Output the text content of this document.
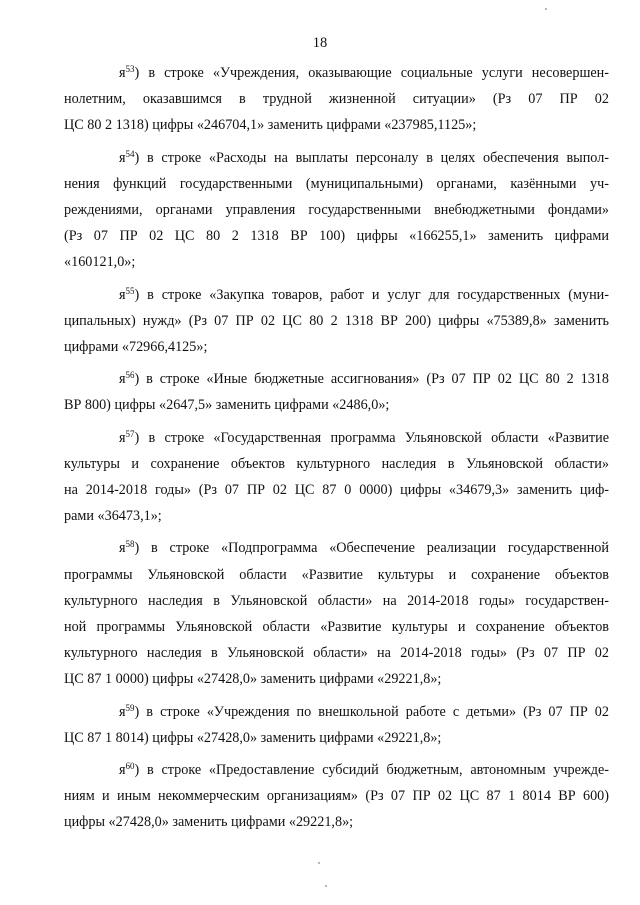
18
$я^{53}$) в строке «Учреждения, оказывающие социальные услуги несовершен-
нолетним, оказавшимся в трудной жизненной ситуации» (Рз 07 ПР 02
ЦС 80 2 1318) цифры «246704,1» заменить цифрами «237985,1125»;
$я^{54}$) в строке «Расходы на выплаты персоналу в целях обеспечения выпол-
нения функций государственными (муниципальными) органами, казёнными уч-
реждениями, органами управления государственными внебюджетными фондами»
(Рз 07 ПР 02 ЦС 80 2 1318 ВР 100) цифры «166255,1» заменить цифрами
«160121,0»;
$я^{55}$) в строке «Закупка товаров, работ и услуг для государственных (муни-
ципальных) нужд» (Рз 07 ПР 02 ЦС 80 2 1318 ВР 200) цифры «75389,8» заменить
цифрами «72966,4125»;
$я^{56}$) в строке «Иные бюджетные ассигнования» (Рз 07 ПР 02 ЦС 80 2 1318
ВР 800) цифры «2647,5» заменить цифрами «2486,0»;
$я^{57}$) в строке «Государственная программа Ульяновской области «Развитие
культуры и сохранение объектов культурного наследия в Ульяновской области»
на 2014-2018 годы» (Рз 07 ПР 02 ЦС 87 0 0000) цифры «34679,3» заменить циф-
рами «36473,1»;
$я^{58}$) в строке «Подпрограмма «Обеспечение реализации государственной
программы Ульяновской области «Развитие культуры и сохранение объектов
культурного наследия в Ульяновской области» на 2014-2018 годы» государствен-
ной программы Ульяновской области «Развитие культуры и сохранение объектов
культурного наследия в Ульяновской области» на 2014-2018 годы» (Рз 07 ПР 02
ЦС 87 1 0000) цифры «27428,0» заменить цифрами «29221,8»;
$я^{59}$) в строке «Учреждения по внешкольной работе с детьми» (Рз 07 ПР 02
ЦС 87 1 8014) цифры «27428,0» заменить цифрами «29221,8»;
$я^{60}$) в строке «Предоставление субсидий бюджетным, автономным учрежде-
ниям и иным некоммерческим организациям» (Рз 07 ПР 02 ЦС 87 1 8014 ВР 600)
цифры «27428,0» заменить цифрами «29221,8»;
